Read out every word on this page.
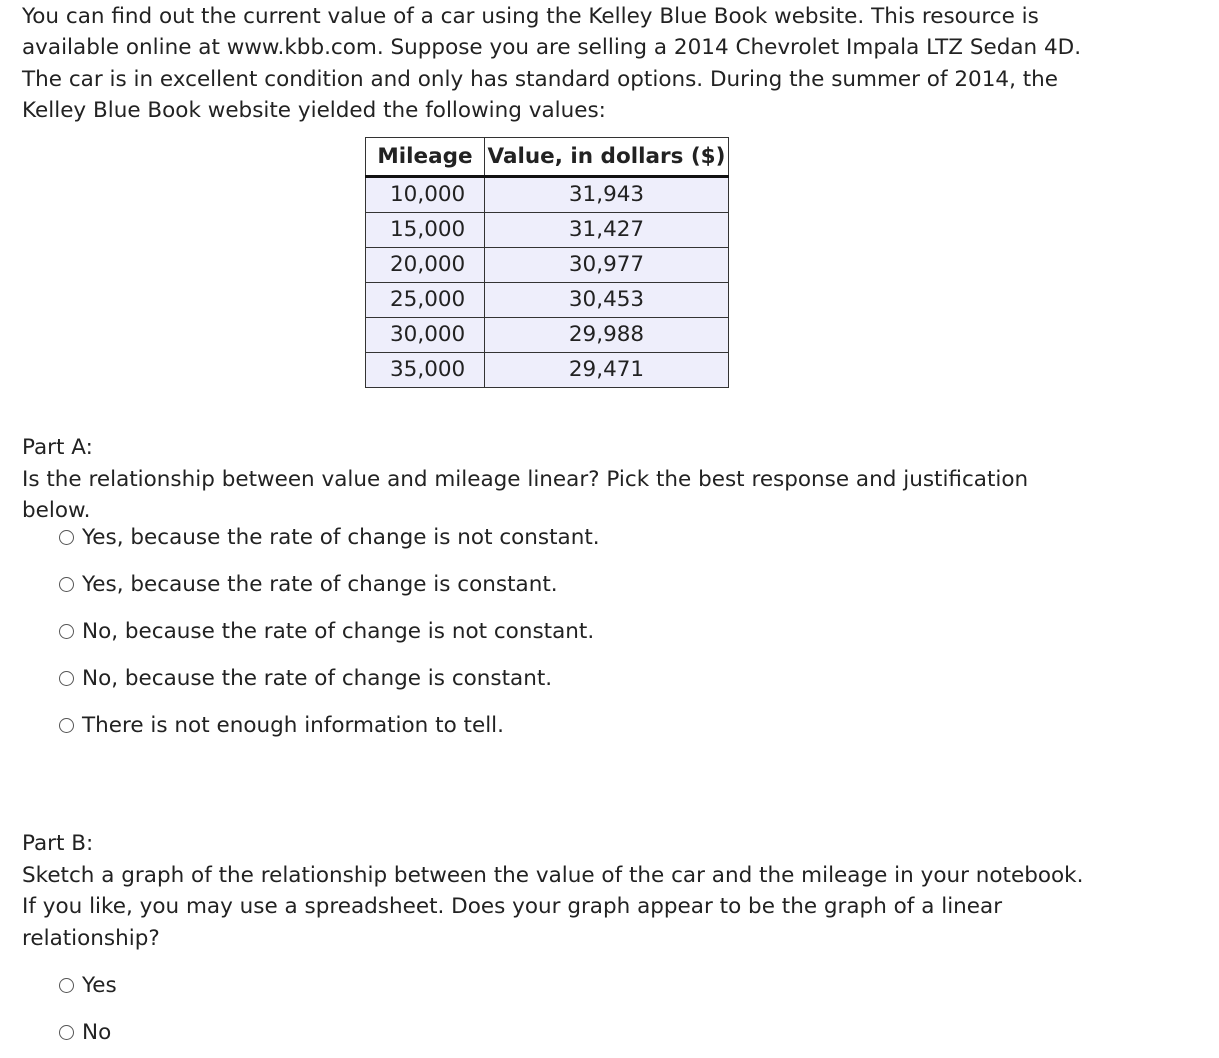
You can find out the current value of a car using the Kelley Blue Book website. This resource is available online at www.kbb.com. Suppose you are selling a 2014 Chevrolet Impala LTZ Sedan 4D. The car is in excellent condition and only has standard options. During the summer of 2014, the Kelley Blue Book website yielded the following values:

Mileage	Value, in dollars ($)
10,000	31,943
15,000	31,427
20,000	30,977
25,000	30,453
30,000	29,988
35,000	29,471

Part A:

Is the relationship between value and mileage linear? Pick the best response and justification below.

Yes, because the rate of change is not constant.
Yes, because the rate of change is constant.
No, because the rate of change is not constant.
No, because the rate of change is constant.
There is not enough information to tell.

Part B:

Sketch a graph of the relationship between the value of the car and the mileage in your notebook. If you like, you may use a spreadsheet. Does your graph appear to be the graph of a linear relationship?

Yes
No
